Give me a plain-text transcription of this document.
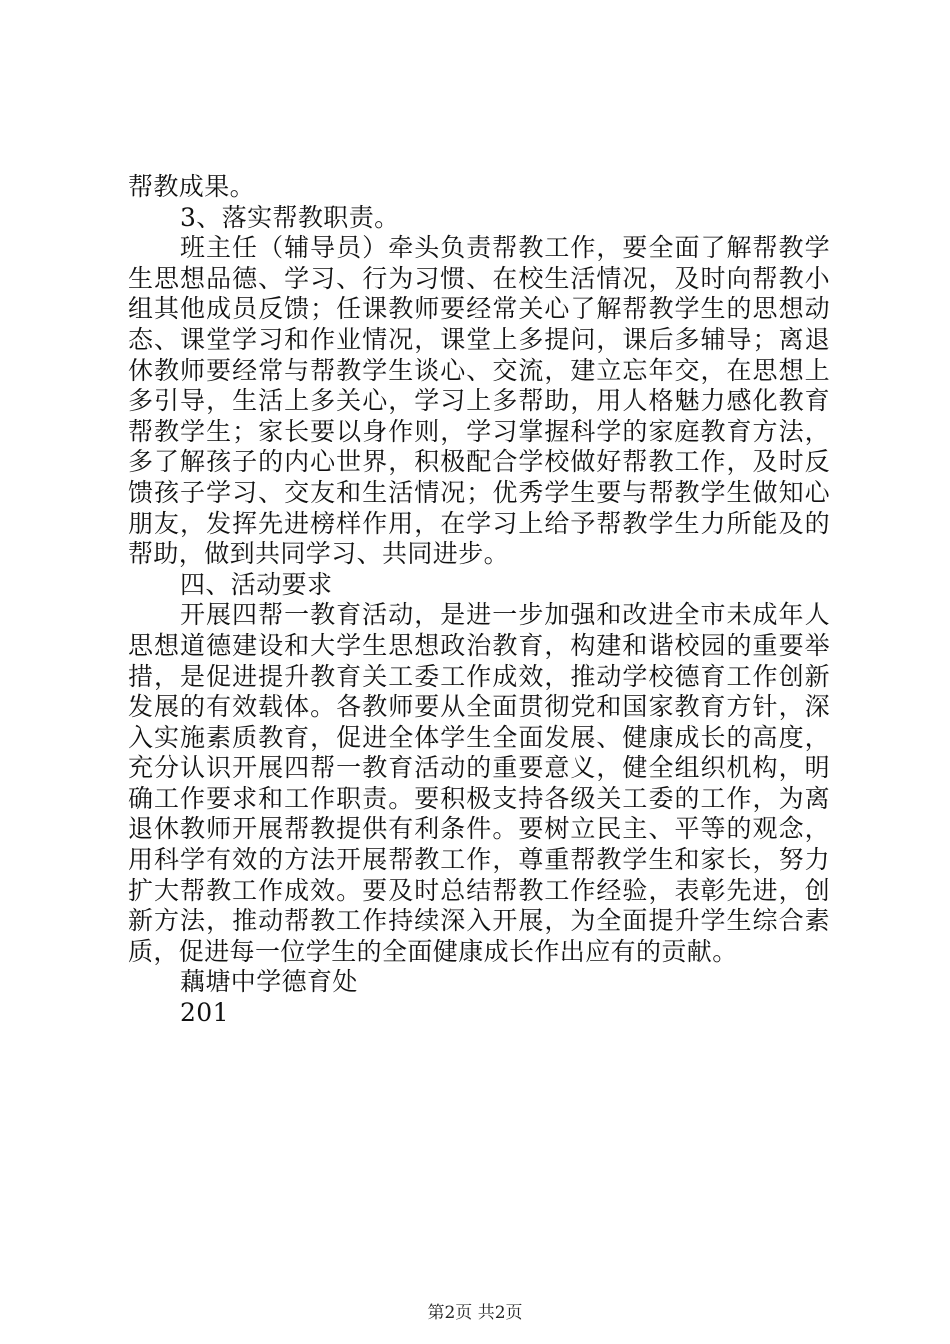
帮教成果。

3、落实帮教职责。

班主任（辅导员）牵头负责帮教工作，要全面了解帮教学生思想品德、学习、行为习惯、在校生活情况，及时向帮教小组其他成员反馈；任课教师要经常关心了解帮教学生的思想动态、课堂学习和作业情况，课堂上多提问，课后多辅导；离退休教师要经常与帮教学生谈心、交流，建立忘年交，在思想上多引导，生活上多关心，学习上多帮助，用人格魅力感化教育帮教学生；家长要以身作则，学习掌握科学的家庭教育方法，多了解孩子的内心世界，积极配合学校做好帮教工作，及时反馈孩子学习、交友和生活情况；优秀学生要与帮教学生做知心朋友，发挥先进榜样作用，在学习上给予帮教学生力所能及的帮助，做到共同学习、共同进步。

四、活动要求

开展四帮一教育活动，是进一步加强和改进全市未成年人思想道德建设和大学生思想政治教育，构建和谐校园的重要举措，是促进提升教育关工委工作成效，推动学校德育工作创新发展的有效载体。各教师要从全面贯彻党和国家教育方针，深入实施素质教育，促进全体学生全面发展、健康成长的高度，充分认识开展四帮一教育活动的重要意义，健全组织机构，明确工作要求和工作职责。要积极支持各级关工委的工作，为离退休教师开展帮教提供有利条件。要树立民主、平等的观念，用科学有效的方法开展帮教工作，尊重帮教学生和家长，努力扩大帮教工作成效。要及时总结帮教工作经验，表彰先进，创新方法，推动帮教工作持续深入开展，为全面提升学生综合素质，促进每一位学生的全面健康成长作出应有的贡献。

藕塘中学德育处

201

第2页 共2页
